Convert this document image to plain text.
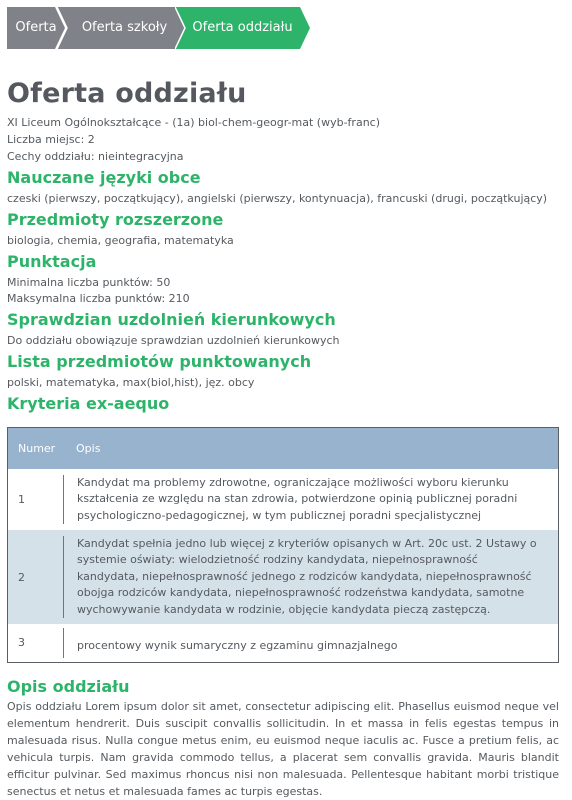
Oferta	Oferta szkoły	Oferta oddziału
Oferta oddziału
XI Liceum Ogólnokształcące - (1a) biol-chem-geogr-mat (wyb-franc)
Liczba miejsc: 2
Cechy oddziału: nieintegracyjna
Nauczane języki obce
czeski (pierwszy, początkujący), angielski (pierwszy, kontynuacja), francuski (drugi, początkujący)
Przedmioty rozszerzone
biologia, chemia, geografia, matematyka
Punktacja
Minimalna liczba punktów: 50
Maksymalna liczba punktów: 210
Sprawdzian uzdolnień kierunkowych
Do oddziału obowiązuje sprawdzian uzdolnień kierunkowych
Lista przedmiotów punktowanych
polski, matematyka, max(biol,hist), jęz. obcy
Kryteria ex-aequo
Numer	Opis
1	Kandydat ma problemy zdrowotne, ograniczające możliwości wyboru kierunku kształcenia ze względu na stan zdrowia, potwierdzone opinią publicznej poradni psychologiczno-pedagogicznej, w tym publicznej poradni specjalistycznej

2	Kandydat spełnia jedno lub więcej z kryteriów opisanych w Art. 20c ust. 2 Ustawy o systemie oświaty: wielodzietność rodziny kandydata, niepełnosprawność kandydata, niepełnosprawność jednego z rodziców kandydata, niepełnosprawność obojga rodziców kandydata, niepełnosprawność rodzeństwa kandydata, samotne wychowywanie kandydata w rodzinie, objęcie kandydata pieczą zastępczą.

3	procentowy wynik sumaryczny z egzaminu gimnazjalnego
Opis oddziału
Opis oddziału Lorem ipsum dolor sit amet, consectetur adipiscing elit. Phasellus euismod neque vel elementum hendrerit. Duis suscipit convallis sollicitudin. In et massa in felis egestas tempus in malesuada risus. Nulla congue metus enim, eu euismod neque iaculis ac. Fusce a pretium felis, ac vehicula turpis. Nam gravida commodo tellus, a placerat sem convallis gravida. Mauris blandit efficitur pulvinar. Sed maximus rhoncus nisi non malesuada. Pellentesque habitant morbi tristique senectus et netus et malesuada fames ac turpis egestas.
